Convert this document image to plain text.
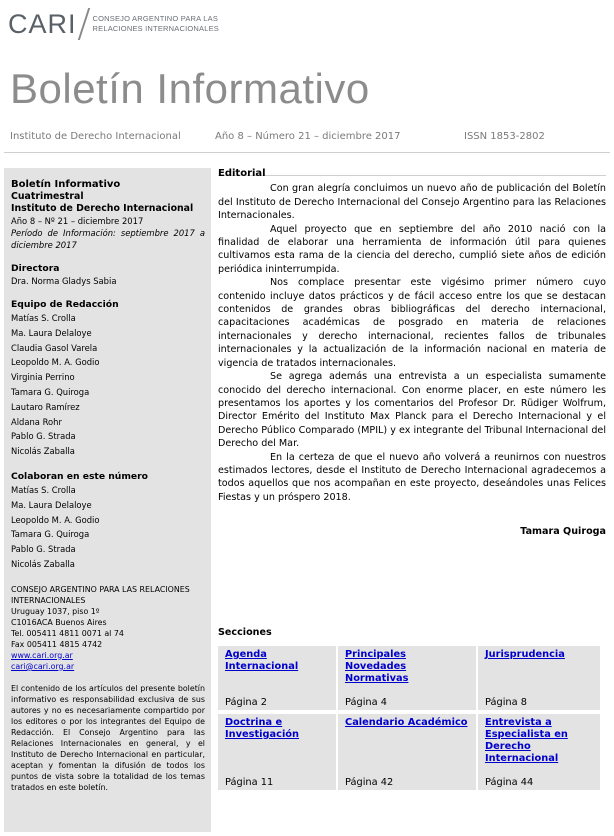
CARI CONSEJO ARGENTINO PARA LAS
RELACIONES INTERNACIONALES
Boletín Informativo
Instituto de Derecho Internacional	Año 8 – Número 21 – diciembre 2017	ISSN 1853-2802
Boletín Informativo
Cuatrimestral
Instituto de Derecho Internacional
Año 8 – Nº 21 – diciembre 2017
Período de Información: septiembre 2017 a diciembre 2017
Directora
Dra. Norma Gladys Sabia
Equipo de Redacción
Matías S. Crolla
Ma. Laura Delaloye
Claudia Gasol Varela
Leopoldo M. A. Godio
Virginia Perrino
Tamara G. Quiroga
Lautaro Ramírez
Aldana Rohr
Pablo G. Strada
Nicolás Zaballa
Colaboran en este número
Matías S. Crolla
Ma. Laura Delaloye
Leopoldo M. A. Godio
Tamara G. Quiroga
Pablo G. Strada
Nicolás Zaballa
CONSEJO ARGENTINO PARA LAS RELACIONES INTERNACIONALES
Uruguay 1037, piso 1º
C1016ACA Buenos Aires
Tel. 005411 4811 0071 al 74
Fax 005411 4815 4742
www.cari.org.ar
cari@cari.org.ar
El contenido de los artículos del presente boletín informativo es responsabilidad exclusiva de sus autores y no es necesariamente compartido por los editores o por los integrantes del Equipo de Redacción. El Consejo Argentino para las Relaciones Internacionales en general, y el Instituto de Derecho Internacional en particular, aceptan y fomentan la difusión de todos los puntos de vista sobre la totalidad de los temas tratados en este boletín.
Editorial

Con gran alegría concluimos un nuevo año de publicación del Boletín del Instituto de Derecho Internacional del Consejo Argentino para las Relaciones Internacionales.

Aquel proyecto que en septiembre del año 2010 nació con la finalidad de elaborar una herramienta de información útil para quienes cultivamos esta rama de la ciencia del derecho, cumplió siete años de edición periódica ininterrumpida.

Nos complace presentar este vigésimo primer número cuyo contenido incluye datos prácticos y de fácil acceso entre los que se destacan contenidos de grandes obras bibliográficas del derecho internacional, capacitaciones académicas de posgrado en materia de relaciones internacionales y derecho internacional, recientes fallos de tribunales internacionales y la actualización de la información nacional en materia de vigencia de tratados internacionales.

Se agrega además una entrevista a un especialista sumamente conocido del derecho internacional. Con enorme placer, en este número les presentamos los aportes y los comentarios del Profesor Dr. Rüdiger Wolfrum, Director Emérito del Instituto Max Planck para el Derecho Internacional y el Derecho Público Comparado (MPIL) y ex integrante del Tribunal Internacional del Derecho del Mar.

En la certeza de que el nuevo año volverá a reunirnos con nuestros estimados lectores, desde el Instituto de Derecho Internacional agradecemos a todos aquellos que nos acompañan en este proyecto, deseándoles unas Felices Fiestas y un próspero 2018.

Tamara Quiroga
Secciones
Agenda Internacional
Página 2
Principales Novedades Normativas
Página 4
Jurisprudencia
Página 8
Doctrina e Investigación
Página 11
Calendario Académico
Página 42
Entrevista a Especialista en Derecho Internacional
Página 44
